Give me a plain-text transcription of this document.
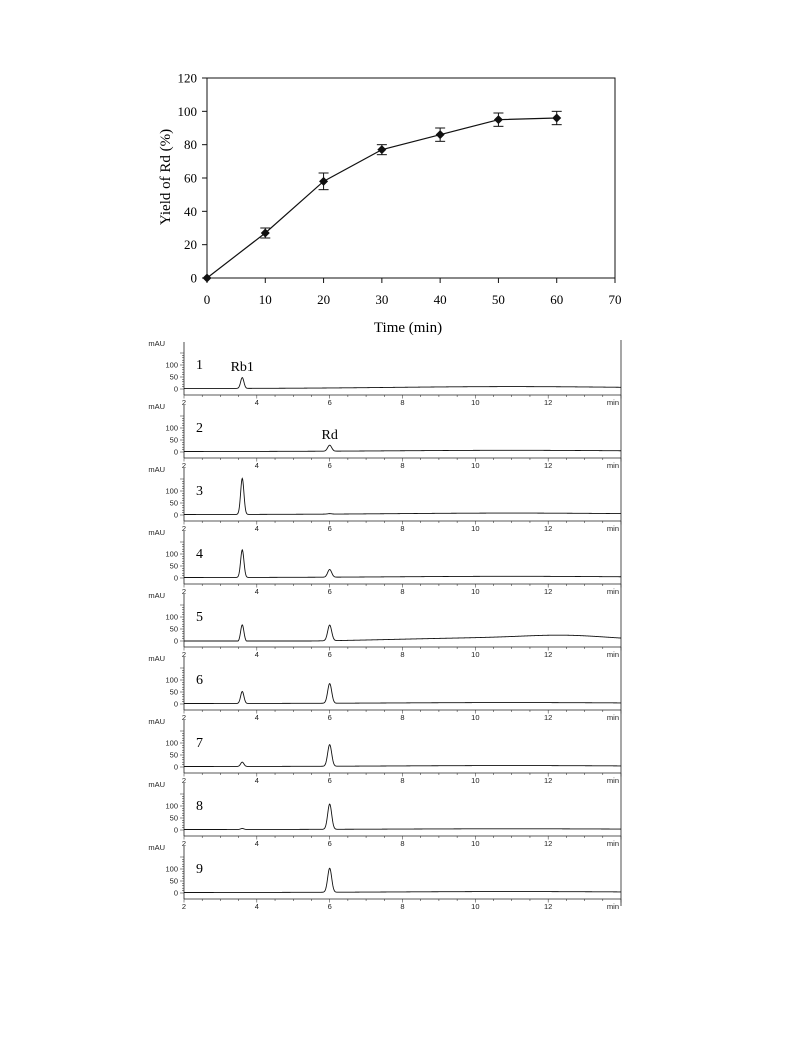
0	10	20	30	40	50	60	70
0
20
40
60
80
100
120
Time (min)
Yield of Rd (%)
mAU
0
50
100
2	4	6	8	10	12	min
1
mAU
0
50
100
2	4	6	8	10	12	min
2
mAU
0
50
100
2	4	6	8	10	12	min
3
mAU
0
50
100
2	4	6	8	10	12	min
4
mAU
0
50
100
2	4	6	8	10	12	min
5
mAU
0
50
100
2	4	6	8	10	12	min
6
mAU
0
50
100
2	4	6	8	10	12	min
7
mAU
0
50
100
2	4	6	8	10	12	min
8
mAU
0
50
100
2	4	6	8	10	12	min
9
Rb1
Rd
